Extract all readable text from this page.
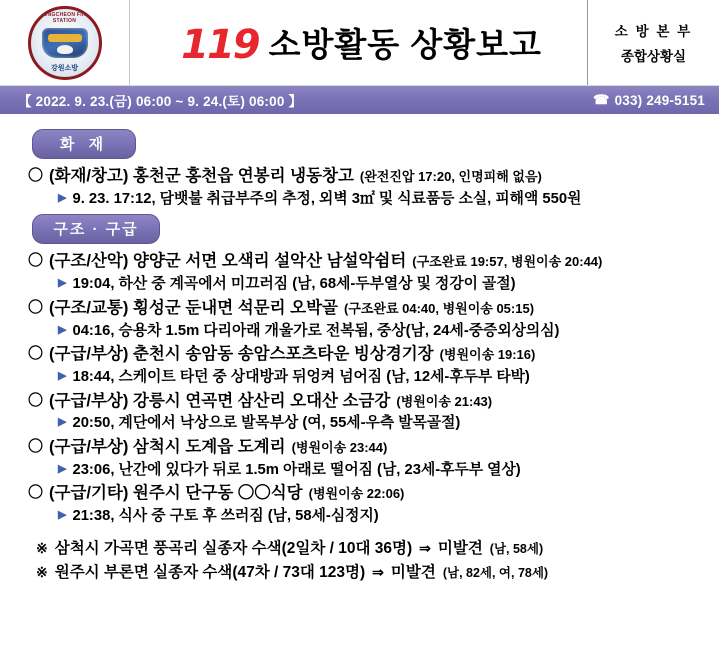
HONGCHEON FIRE STATION
강원소방
119 소방활동 상황보고	소 방 본 부
종합상황실
【 2022. 9. 23.(금) 06:00 ~ 9. 24.(토) 06:00 】	☎ 033) 249-5151
화 재
〇 (화재/창고) 홍천군 홍천읍 연봉리 냉동창고 (완전진압 17:20, 인명피해 없음)
▶ 9. 23. 17:12, 담뱃불 취급부주의 추정, 외벽 3㎡ 및 식료품등 소실, 피해액 550원
구조 · 구급
〇 (구조/산악) 양양군 서면 오색리 설악산 남설악쉼터 (구조완료 19:57, 병원이송 20:44)
▶ 19:04, 하산 중 계곡에서 미끄러짐 (남, 68세-두부열상 및 정강이 골절)
〇 (구조/교통) 횡성군 둔내면 석문리 오박골 (구조완료 04:40, 병원이송 05:15)
▶ 04:16, 승용차 1.5m 다리아래 개울가로 전복됨, 중상(남, 24세-중증외상의심)
〇 (구급/부상) 춘천시 송암동 송암스포츠타운 빙상경기장 (병원이송 19:16)
▶ 18:44, 스케이트 타던 중 상대방과 뒤엉켜 넘어짐 (남, 12세-후두부 타박)
〇 (구급/부상) 강릉시 연곡면 삼산리 오대산 소금강 (병원이송 21:43)
▶ 20:50, 계단에서 낙상으로 발목부상 (여, 55세-우측 발목골절)
〇 (구급/부상) 삼척시 도계읍 도계리 (병원이송 23:44)
▶ 23:06, 난간에 있다가 뒤로 1.5m 아래로 떨어짐 (남, 23세-후두부 열상)
〇 (구급/기타) 원주시 단구동 〇〇식당 (병원이송 22:06)
▶ 21:38, 식사 중 구토 후 쓰러짐 (남, 58세-심정지)
※ 삼척시 가곡면 풍곡리 실종자 수색(2일차 / 10대 36명) ⇒ 미발견 (남, 58세)
※ 원주시 부론면 실종자 수색(47차 / 73대 123명) ⇒ 미발견 (남, 82세, 여, 78세)
